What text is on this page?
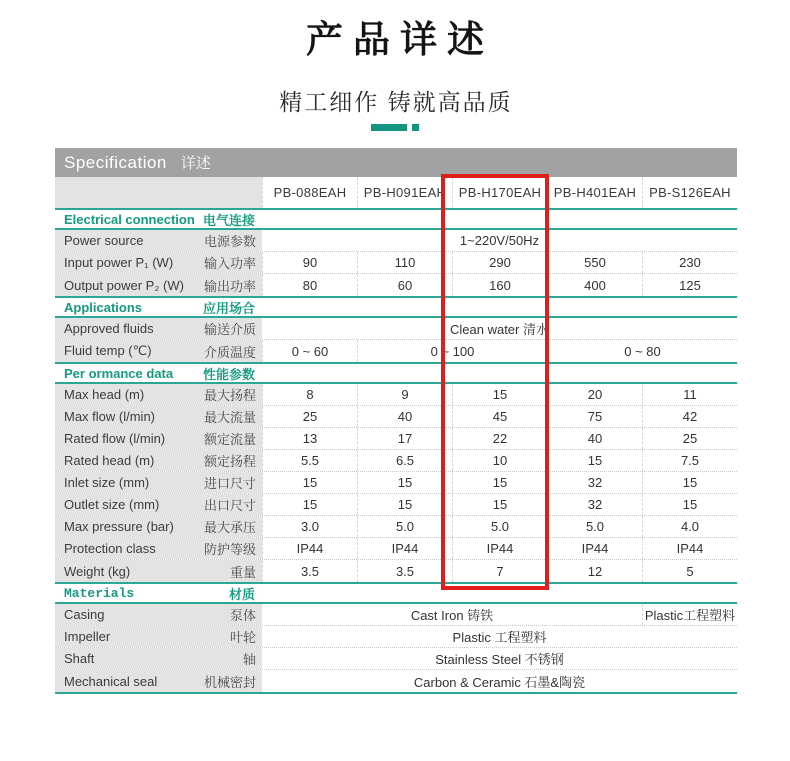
产品详述
精工细作 铸就高品质
Specification 详述
PB-088EAH	PB-H091EAH PB-H170EAH PB-H401EAH PB-S126EAH
Electrical connection 电气连接
Power source	电源参数	1~220V/50Hz
Input power P₁ (W) 输入功率	90	110	290	550	230
Output power P₂ (W) 输出功率	80	60	160	400	125
Applications	应用场合
Approved fluids	输送介质	Clean water 清水
Fluid temp (℃)	介质温度	0 ~ 60	0 ~ 100	0 ~ 80
Per ormance data 性能参数
Max head (m)	最大扬程	8	9	15	20	11
Max flow (l/min)	最大流量	25	40	45	75	42
Rated flow (l/min)	额定流量	13	17	22	40	25
Rated head (m)	额定扬程	5.5	6.5	10	15	7.5
Inlet size (mm)	进口尺寸	15	15	15	32	15
Outlet size (mm)	出口尺寸	15	15	15	32	15
Max pressure (bar) 最大承压	3.0	5.0	5.0	5.0	4.0
Protection class	防护等级	IP44	IP44	IP44	IP44	IP44
Weight (kg)	重量	3.5	3.5	7	12	5
Materials	材质
Casing	泵体	Cast Iron 铸铁	Plastic工程塑料
Impeller	叶轮	Plastic 工程塑料
Shaft	轴	Stainless Steel 不锈钢
Mechanical seal	机械密封	Carbon & Ceramic 石墨&陶瓷
